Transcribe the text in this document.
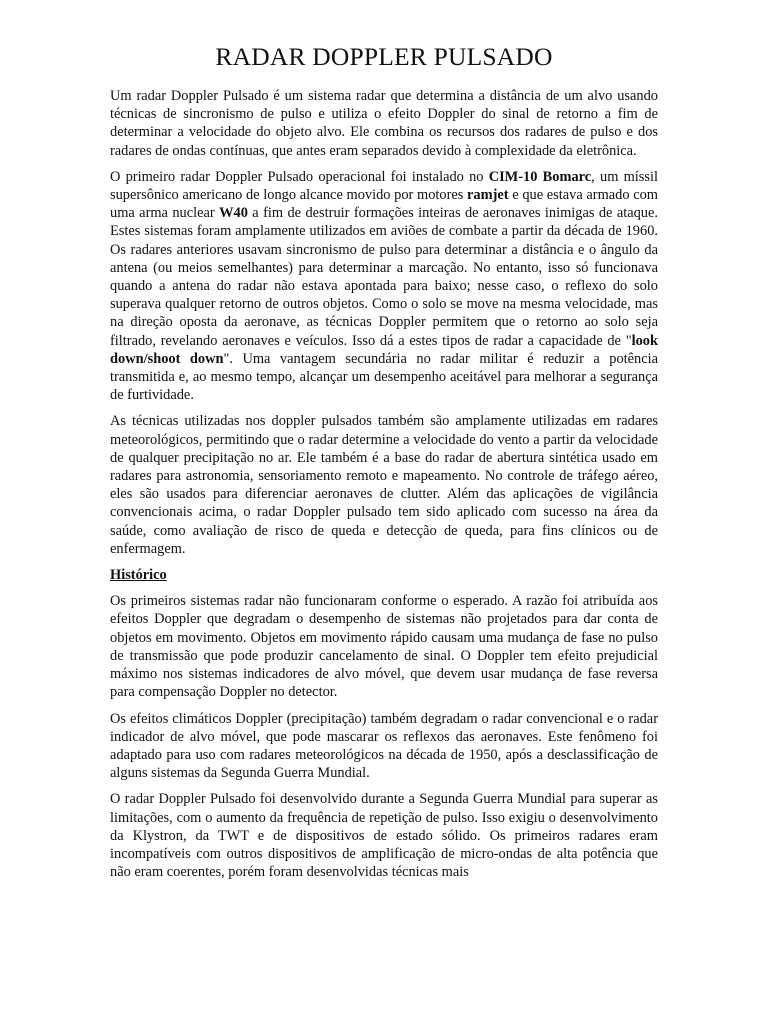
RADAR DOPPLER PULSADO

Um radar Doppler Pulsado é um sistema radar que determina a distância de um alvo usando técnicas de sincronismo de pulso e utiliza o efeito Doppler do sinal de retorno a fim de determinar a velocidade do objeto alvo. Ele combina os recursos dos radares de pulso e dos radares de ondas contínuas, que antes eram separados devido à complexidade da eletrônica.

O primeiro radar Doppler Pulsado operacional foi instalado no CIM-10 Bomarc, um míssil supersônico americano de longo alcance movido por motores ramjet e que estava armado com uma arma nuclear W40 a fim de destruir formações inteiras de aeronaves inimigas de ataque. Estes sistemas foram amplamente utilizados em aviões de combate a partir da década de 1960. Os radares anteriores usavam sincronismo de pulso para determinar a distância e o ângulo da antena (ou meios semelhantes) para determinar a marcação. No entanto, isso só funcionava quando a antena do radar não estava apontada para baixo; nesse caso, o reflexo do solo superava qualquer retorno de outros objetos. Como o solo se move na mesma velocidade, mas na direção oposta da aeronave, as técnicas Doppler permitem que o retorno ao solo seja filtrado, revelando aeronaves e veículos. Isso dá a estes tipos de radar a capacidade de "look down/shoot down". Uma vantagem secundária no radar militar é reduzir a potência transmitida e, ao mesmo tempo, alcançar um desempenho aceitável para melhorar a segurança de furtividade.

As técnicas utilizadas nos doppler pulsados também são amplamente utilizadas em radares meteorológicos, permitindo que o radar determine a velocidade do vento a partir da velocidade de qualquer precipitação no ar. Ele também é a base do radar de abertura sintética usado em radares para astronomia, sensoriamento remoto e mapeamento. No controle de tráfego aéreo, eles são usados para diferenciar aeronaves de clutter. Além das aplicações de vigilância convencionais acima, o radar Doppler pulsado tem sido aplicado com sucesso na área da saúde, como avaliação de risco de queda e detecção de queda, para fins clínicos ou de enfermagem.

Histórico

Os primeiros sistemas radar não funcionaram conforme o esperado. A razão foi atribuída aos efeitos Doppler que degradam o desempenho de sistemas não projetados para dar conta de objetos em movimento. Objetos em movimento rápido causam uma mudança de fase no pulso de transmissão que pode produzir cancelamento de sinal. O Doppler tem efeito prejudicial máximo nos sistemas indicadores de alvo móvel, que devem usar mudança de fase reversa para compensação Doppler no detector.

Os efeitos climáticos Doppler (precipitação) também degradam o radar convencional e o radar indicador de alvo móvel, que pode mascarar os reflexos das aeronaves. Este fenômeno foi adaptado para uso com radares meteorológicos na década de 1950, após a desclassificação de alguns sistemas da Segunda Guerra Mundial.

O radar Doppler Pulsado foi desenvolvido durante a Segunda Guerra Mundial para superar as limitações, com o aumento da frequência de repetição de pulso. Isso exigiu o desenvolvimento da Klystron, da TWT e de dispositivos de estado sólido. Os primeiros radares eram incompatíveis com outros dispositivos de amplificação de micro-ondas de alta potência que não eram coerentes, porém foram desenvolvidas técnicas mais
